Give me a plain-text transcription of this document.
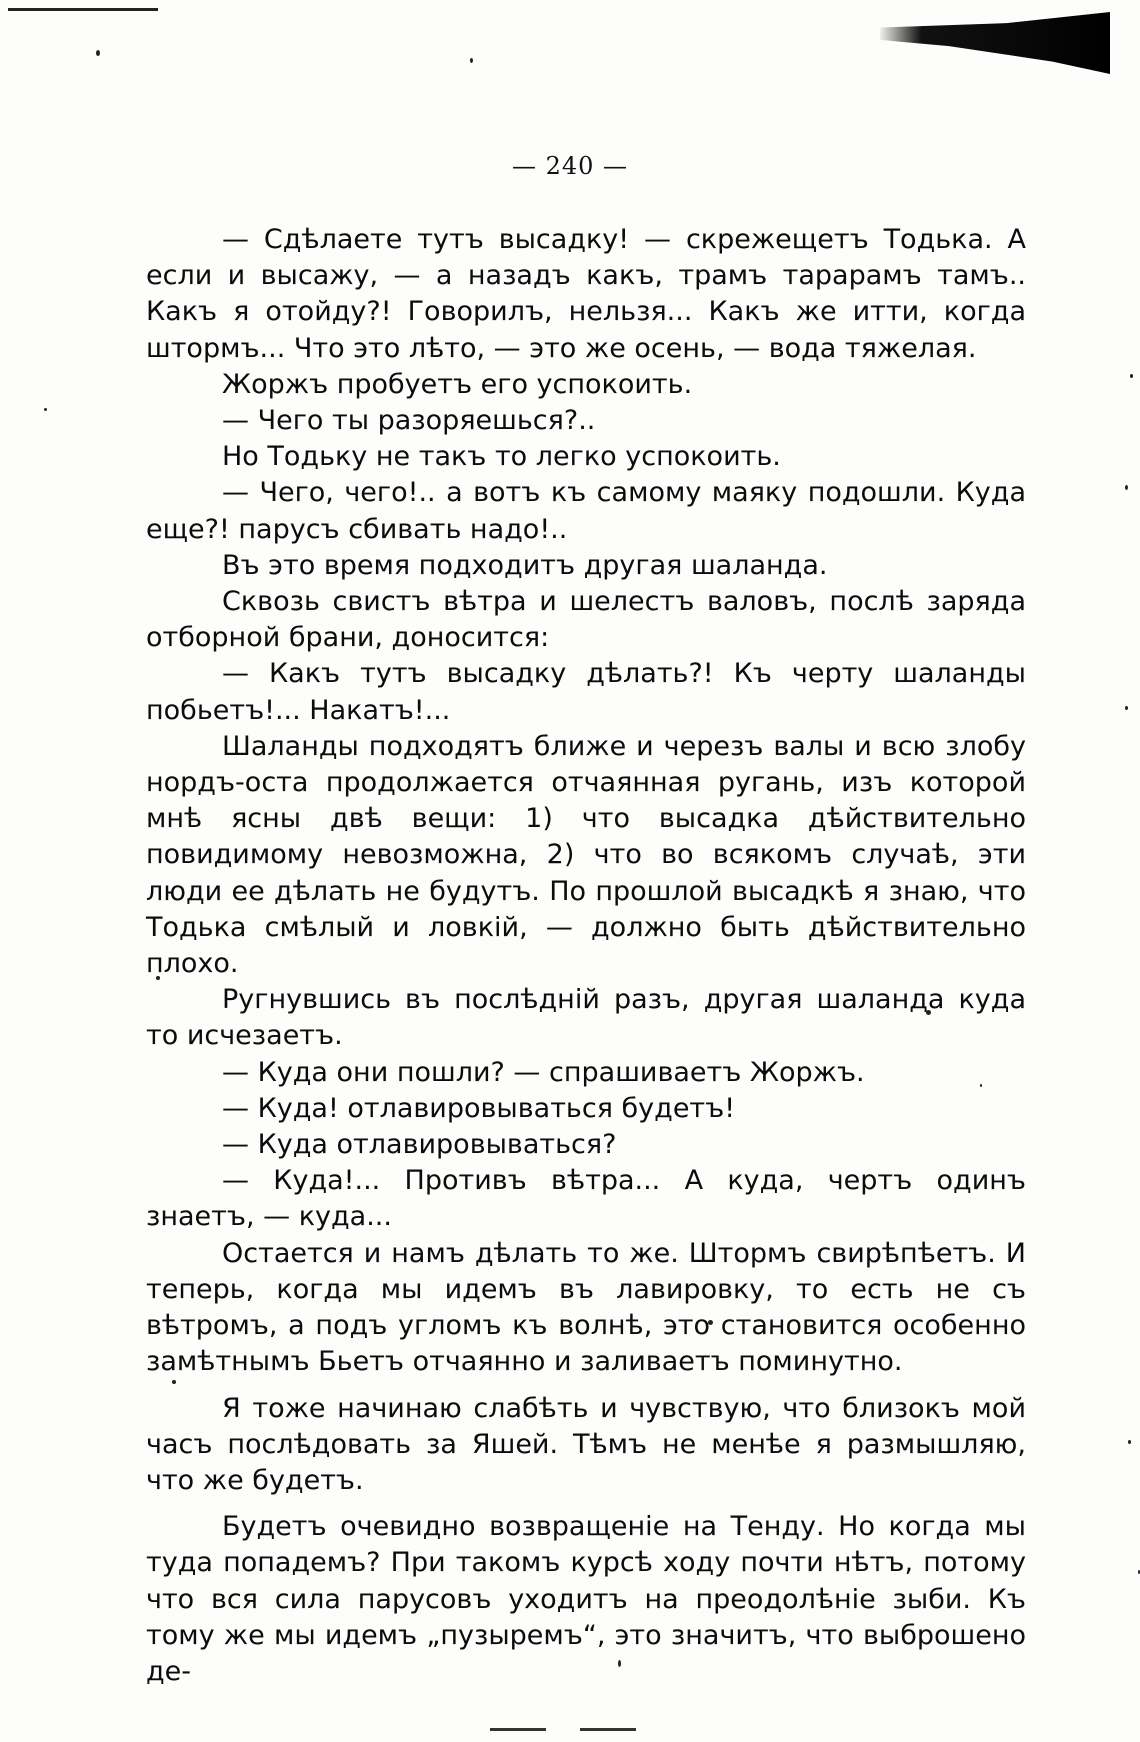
— 240 —

— Сдѣлаете тутъ высадку! — скрежещетъ Тодька. А если и высажу, — а назадъ какъ, трамъ тарарамъ тамъ.. Какъ я отойду?! Говорилъ, нельзя... Какъ же итти, когда штормъ... Что это лѣто, — это же осень, — вода тяжелая.

Жоржъ пробуетъ его успокоить.

— Чего ты разоряешься?..

Но Тодьку не такъ то легко успокоить.

— Чего, чего!.. а вотъ къ самому маяку подошли. Куда еще?! парусъ сбивать надо!..

Въ это время подходитъ другая шаланда.

Сквозь свистъ вѣтра и шелестъ валовъ, послѣ заряда отборной брани, доносится:

— Какъ тутъ высадку дѣлать?! Къ черту шаланды побьетъ!... Накатъ!...

Шаланды подходятъ ближе и черезъ валы и всю злобу нордъ-оста продолжается отчаянная ругань, изъ которой мнѣ ясны двѣ вещи: 1) что высадка дѣйствительно повидимому невозможна, 2) что во всякомъ случаѣ, эти люди ее дѣлать не будутъ. По прошлой высадкѣ я знаю, что Тодька смѣлый и ловкій, — должно быть дѣйствительно плохо.

Ругнувшись въ послѣдній разъ, другая шаланда куда то исчезаетъ.

— Куда они пошли? — спрашиваетъ Жоржъ.

— Куда! отлавировываться будетъ!

— Куда отлавировываться?

— Куда!... Противъ вѣтра... А куда, чертъ одинъ знаетъ, — куда...

Остается и намъ дѣлать то же. Штормъ свирѣпѣетъ. И теперь, когда мы идемъ въ лавировку, то есть не съ вѣтромъ, а подъ угломъ къ волнѣ, это становится особенно замѣтнымъ Бьетъ отчаянно и заливаетъ поминутно.

Я тоже начинаю слабѣть и чувствую, что близокъ мой часъ послѣдовать за Яшей. Тѣмъ не менѣе я размышляю, что же будетъ.

Будетъ очевидно возвращеніе на Тенду. Но когда мы туда попадемъ? При такомъ курсѣ ходу почти нѣтъ, потому что вся сила парусовъ уходитъ на преодолѣніе зыби. Къ тому же мы идемъ „пузыремъ“, это значитъ, что выброшено де-
